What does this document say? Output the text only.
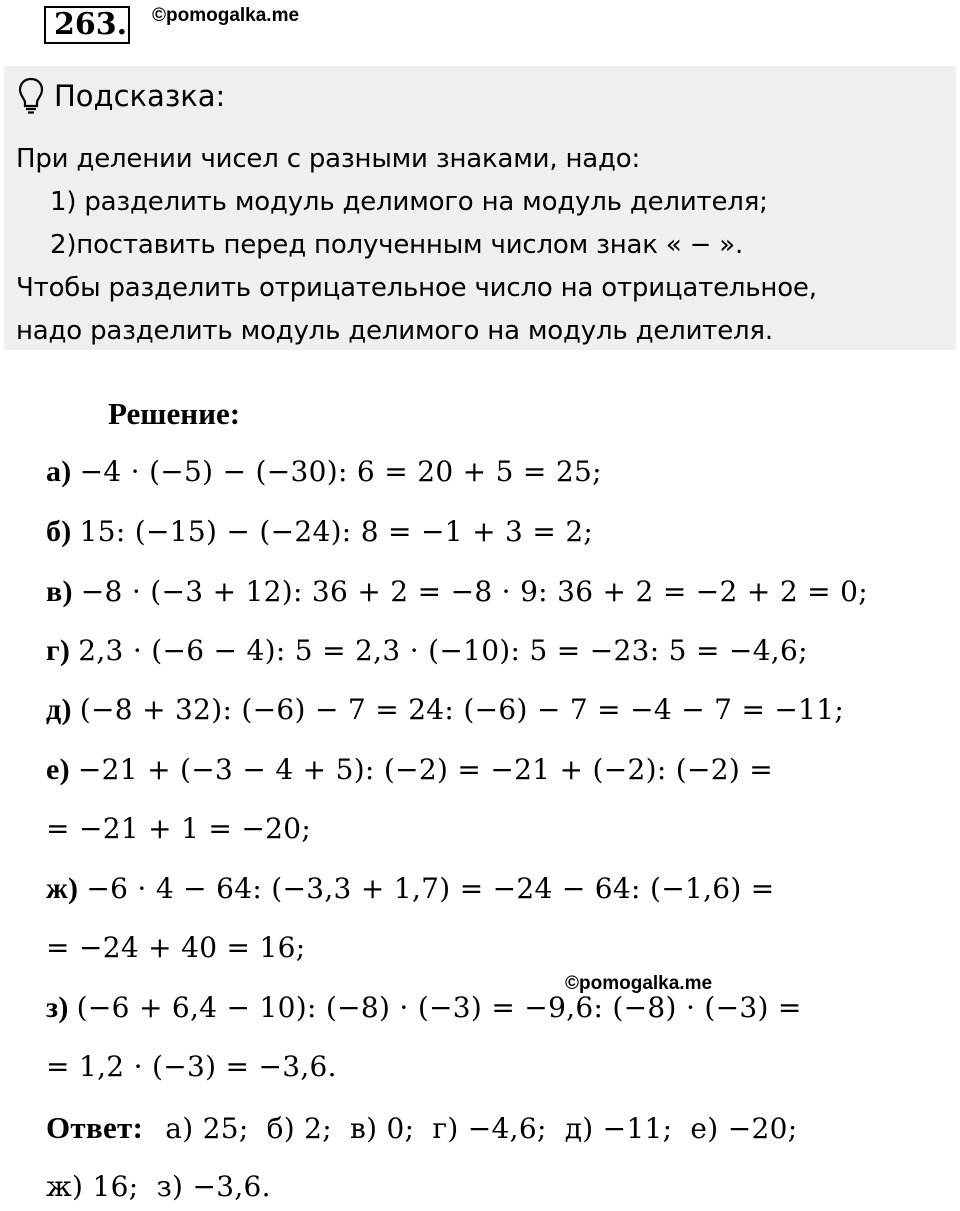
263. ©pomogalka.me
Подсказка:
При делении чисел с разными знаками, надо:
1) разделить модуль делимого на модуль делителя;
2)поставить перед полученным числом знак « − ».
Чтобы разделить отрицательное число на отрицательное,
надо разделить модуль делимого на модуль делителя.
Решение:
а) −4 · (−5) − (−30): 6 = 20 + 5 = 25;
б) 15: (−15) − (−24): 8 = −1 + 3 = 2;
в) −8 · (−3 + 12): 36 + 2 = −8 · 9: 36 + 2 = −2 + 2 = 0;
г) 2,3 · (−6 − 4): 5 = 2,3 · (−10): 5 = −23: 5 = −4,6;
д) (−8 + 32): (−6) − 7 = 24: (−6) − 7 = −4 − 7 = −11;
е) −21 + (−3 − 4 + 5): (−2) = −21 + (−2): (−2) =
= −21 + 1 = −20;
ж) −6 · 4 − 64: (−3,3 + 1,7) = −24 − 64: (−1,6) =
= −24 + 40 = 16;
©pomogalka.me
з) (−6 + 6,4 − 10): (−8) · (−3) = −9,6: (−8) · (−3) =
= 1,2 · (−3) = −3,6.
Ответ: а) 25; б) 2; в) 0; г) −4,6; д) −11; е) −20;
ж) 16; з) −3,6.
